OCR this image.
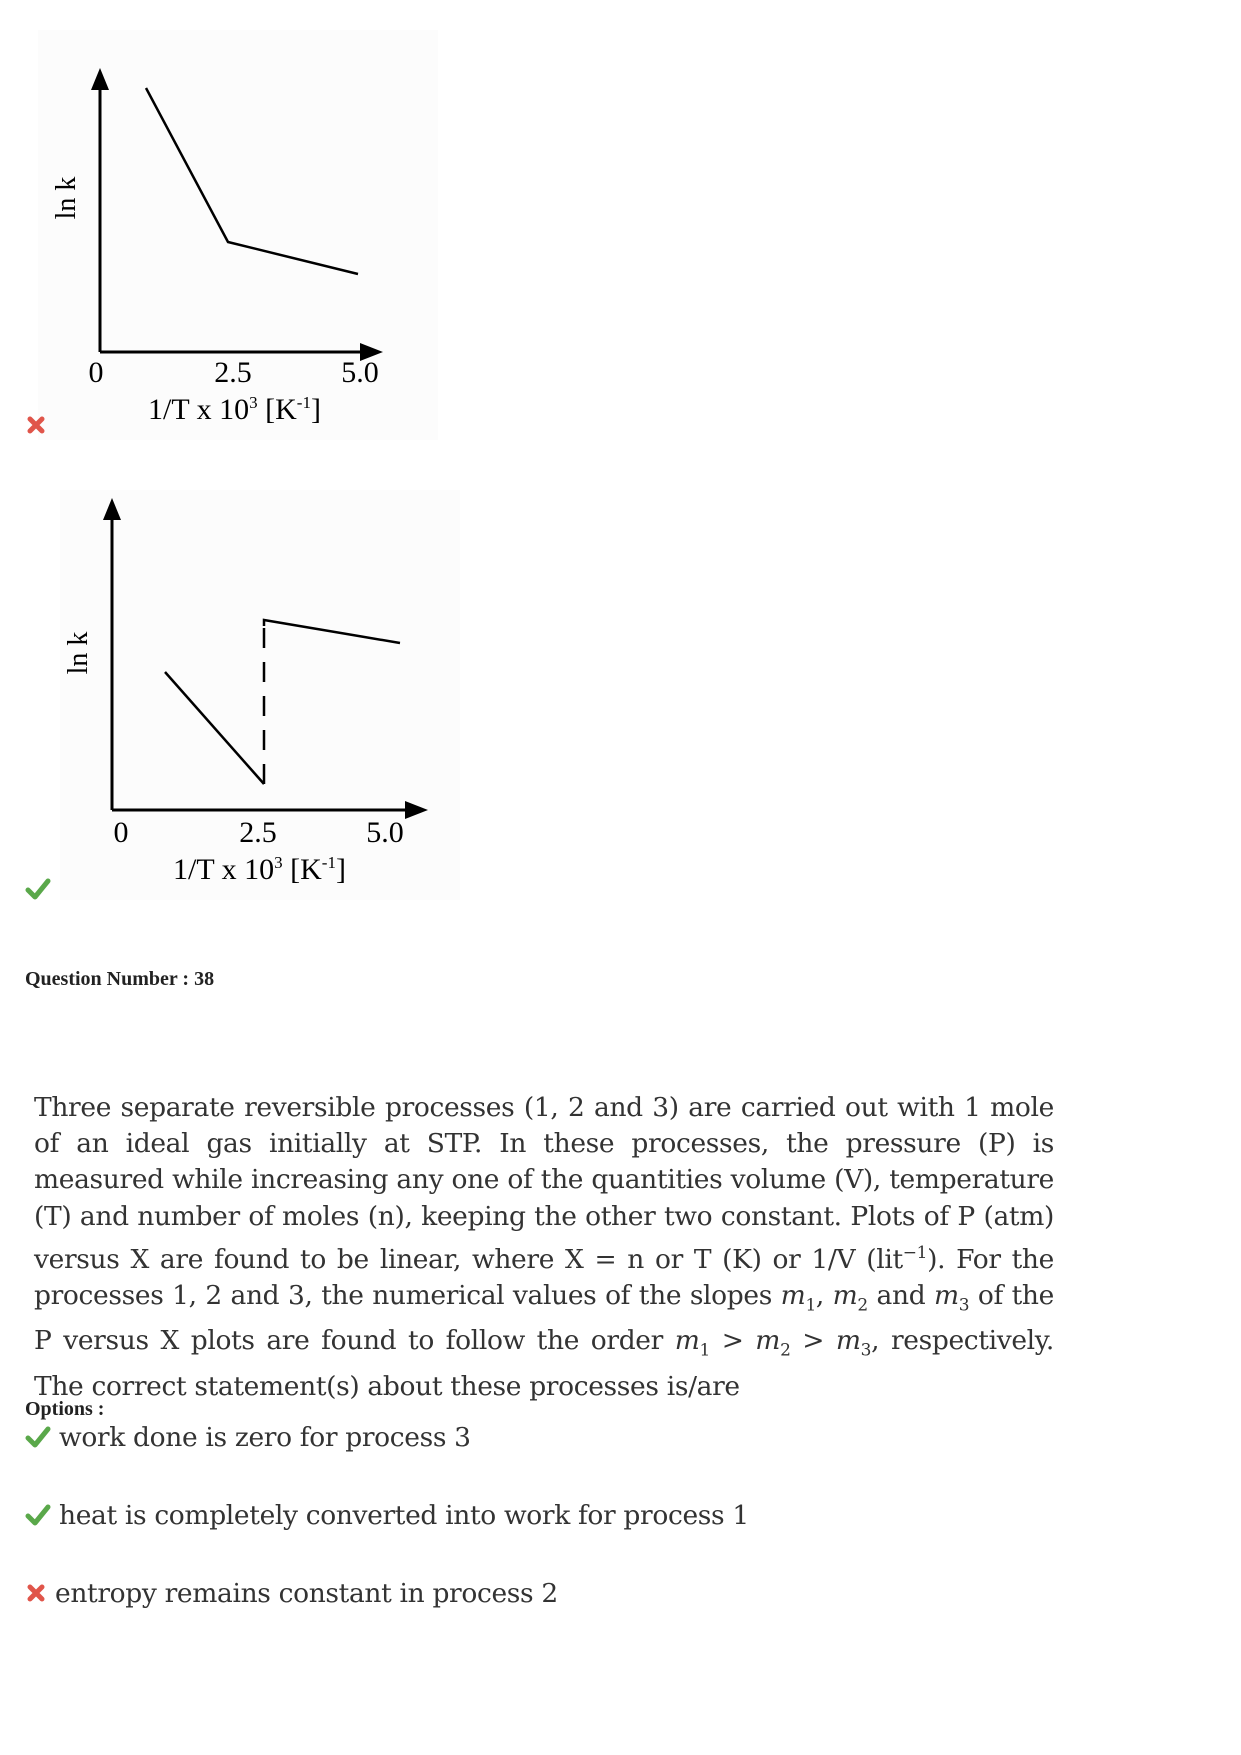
ln k
0	2.5	5.0
1/T x $10^3$ $[K^{-1}]$
ln k
0	2.5	5.0
1/T x $10^3$ $[K^{-1}]$
Question Number : 38
Three separate reversible processes (1, 2 and 3) are carried out with 1 mole of an ideal gas initially at STP. In these processes, the pressure (P) is measured while increasing any one of the quantities volume (V), temperature (T) and number of moles (n), keeping the other two constant. Plots of P (atm) versus X are found to be linear, where X = n or T (K) or 1/V (lit$^{-1}$). For the processes 1, 2 and 3, the numerical values of the slopes $m_1$, $m_2$ and $m_3$ of the P versus X plots are found to follow the order $m_1 > m_2 > m_3$, respectively. The correct statement(s) about these processes is/are
Options :
work done is zero for process 3
heat is completely converted into work for process 1
entropy remains constant in process 2
